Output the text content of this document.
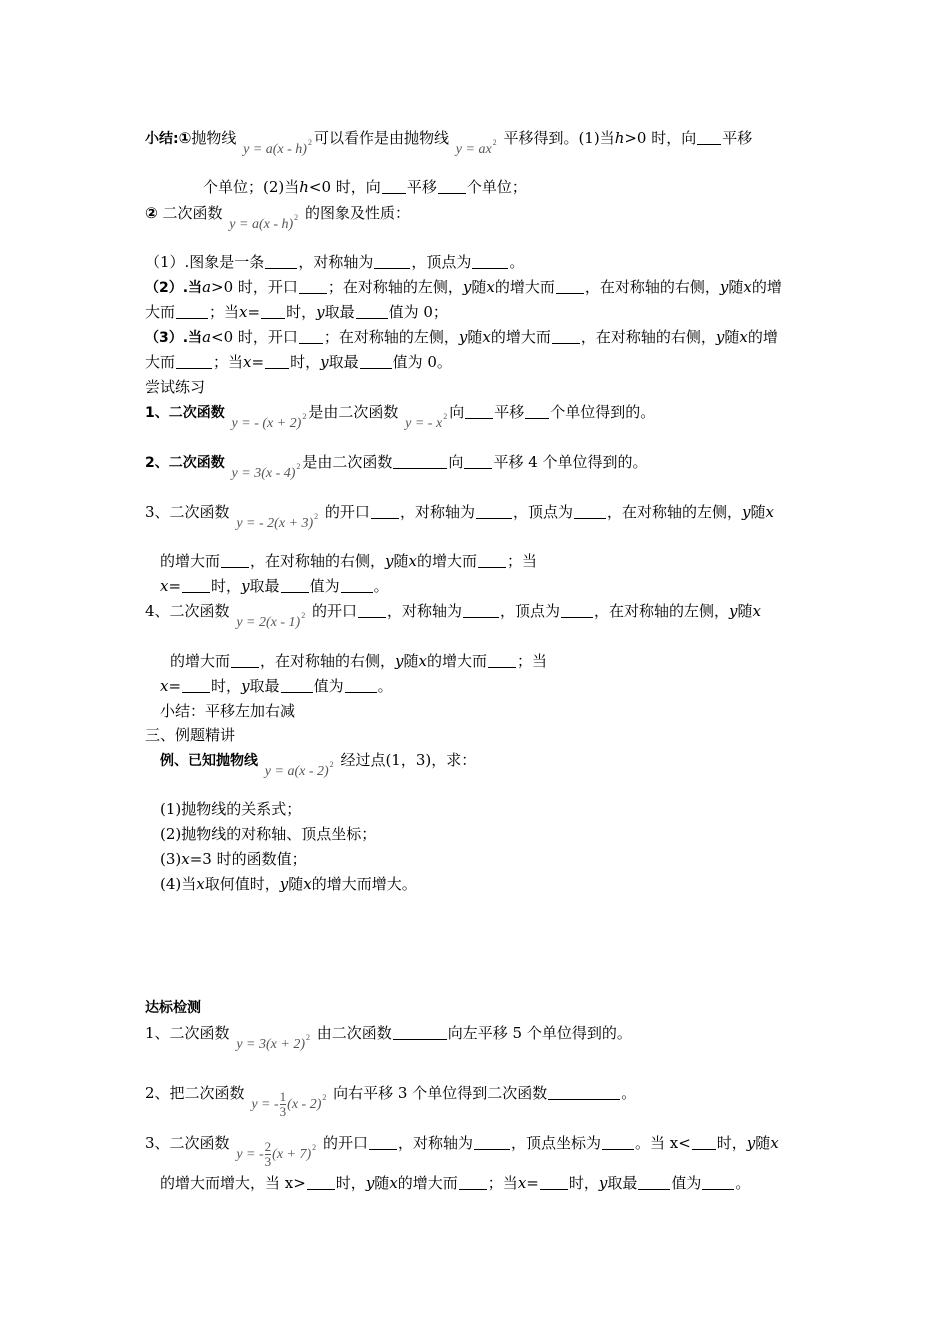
小结:①抛物线 y = a(x - h)$^2$ 可以看作是由抛物线 $y = ax^2$ 平移得到。(1)当h>0 时，向 平移
个单位；(2)当h<0 时，向 平移 个单位；
② 二次函数 y = a(x - h)$^2$ 的图象及性质：
（1）.图象是一条 ，对称轴为	，顶点为	。
（2）.当a>0 时，开口 ；在对称轴的左侧，y随x的增大而 ，在对称轴的右侧，y随x的增
大而 ；当x= 时，y取最 值为 0；
（3）.当a<0 时，开口 ；在对称轴的左侧，y随x的增大而 ，在对称轴的右侧，y随x的增
大而	；当x= 时，y取最 值为 0。
尝试练习
1、二次函数 y = - $(x + 2)^2$ 是由二次函数 y = - $x^2$ 向 平移 个单位得到的。
2、二次函数 y = 3(x - 4)$^2$ 是由二次函数	向 平移 4 个单位得到的。
3、二次函数 y = - $2(x + 3)^2$ 的开口 ，对称轴为	，顶点为 ，在对称轴的左侧，y随x
的增大而 ，在对称轴的右侧，y随x的增大而 ；当
x= 时，y取最 值为 。
4、二次函数 y = 2(x - 1)$^2$ 的开口 ，对称轴为	，顶点为 ，在对称轴的左侧，y随x
的增大而 ，在对称轴的右侧，y随x的增大而 ；当
x= 时，y取最 值为 。
小结：平移左加右减
三、例题精讲
例、已知抛物线 y = a(x - 2)$^2$ 经过点(1，3)，求：
(1)抛物线的关系式；
(2)抛物线的对称轴、顶点坐标；
(3)x=3 时的函数值；
(4)当x取何值时，y随x的增大而增大。
达标检测
1、二次函数 $y = 3(x + 2)^2$ 由二次函数	向左平移 5 个单位得到的。
2、把二次函数 y = - $\frac{1}{3} (x - 2)^2$ 向右平移 3 个单位得到二次函数	。
3、二次函数 y = - $\frac{2}{3} (x + 7)^2$ 的开口 ，对称轴为	，顶点坐标为 。当 x< 时，y随x
的增大而增大，当 x> 时，y随x的增大而 ；当x= 时，y取最 值为 。
